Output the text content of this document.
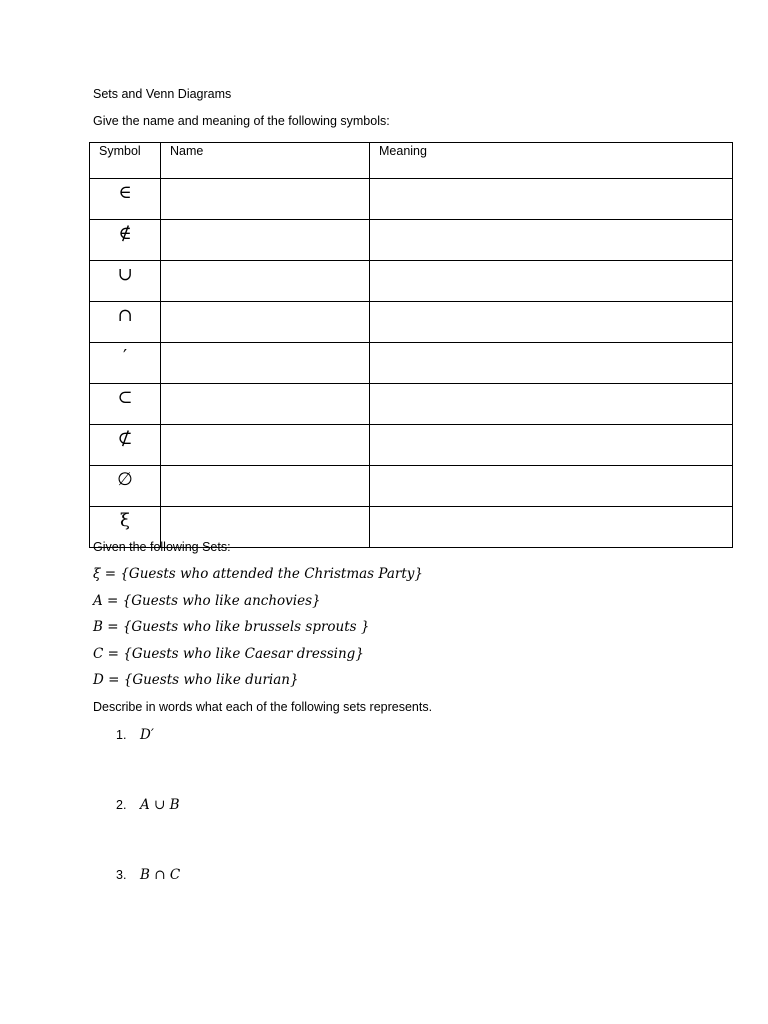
Sets and Venn Diagrams
Give the name and meaning of the following symbols:
Symbol	Name	Meaning
∈		
∉		
∪		
∩		
′		
⊂		
⊄		
∅		
ξ		
Given the following Sets:
ξ = {Guests who attended the Christmas Party}
A = {Guests who like anchovies}
B = {Guests who like brussels sprouts }
C = {Guests who like Caesar dressing}
D = {Guests who like durian}
Describe in words what each of the following sets represents.
1. D′
2. A ∪ B
3. B ∩ C
